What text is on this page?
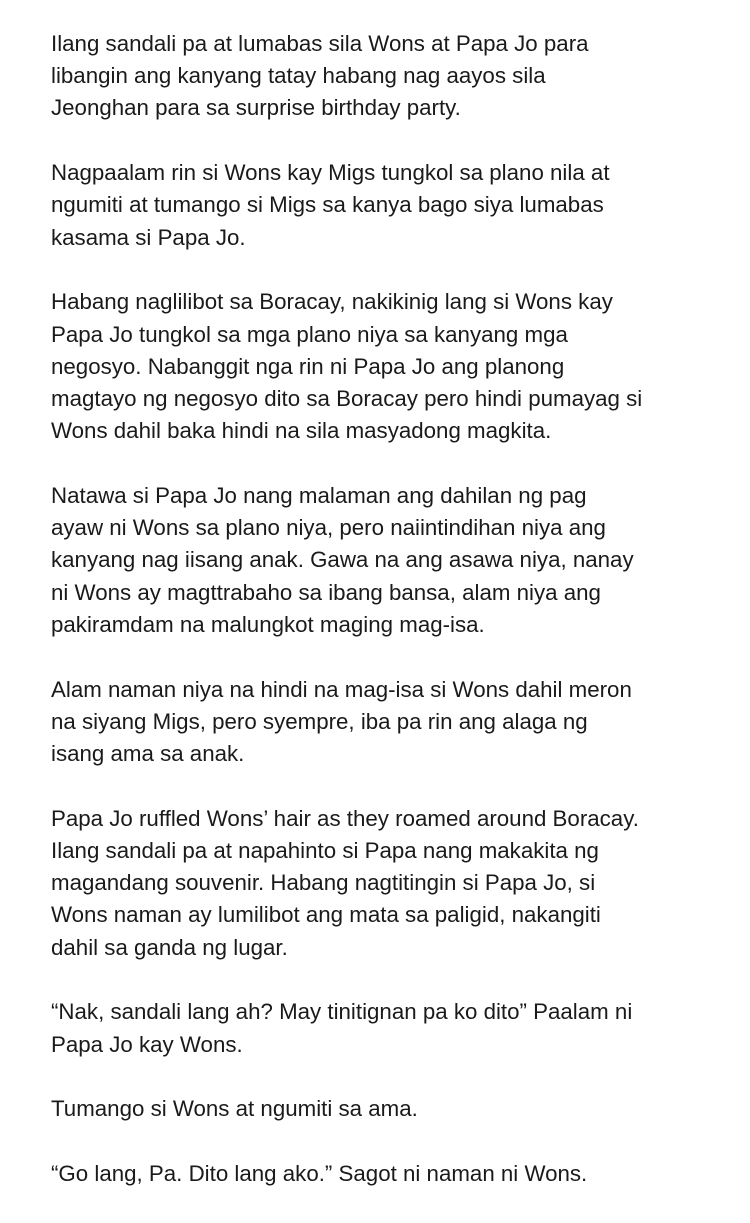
Ilang sandali pa at lumabas sila Wons at Papa Jo para
libangin ang kanyang tatay habang nag aayos sila
Jeonghan para sa surprise birthday party.

Nagpaalam rin si Wons kay Migs tungkol sa plano nila at
ngumiti at tumango si Migs sa kanya bago siya lumabas
kasama si Papa Jo.

Habang naglilibot sa Boracay, nakikinig lang si Wons kay
Papa Jo tungkol sa mga plano niya sa kanyang mga
negosyo. Nabanggit nga rin ni Papa Jo ang planong
magtayo ng negosyo dito sa Boracay pero hindi pumayag si
Wons dahil baka hindi na sila masyadong magkita.

Natawa si Papa Jo nang malaman ang dahilan ng pag
ayaw ni Wons sa plano niya, pero naiintindihan niya ang
kanyang nag iisang anak. Gawa na ang asawa niya, nanay
ni Wons ay magttrabaho sa ibang bansa, alam niya ang
pakiramdam na malungkot maging mag-isa.

Alam naman niya na hindi na mag-isa si Wons dahil meron
na siyang Migs, pero syempre, iba pa rin ang alaga ng
isang ama sa anak.

Papa Jo ruffled Wons’ hair as they roamed around Boracay.
Ilang sandali pa at napahinto si Papa nang makakita ng
magandang souvenir. Habang nagtitingin si Papa Jo, si
Wons naman ay lumilibot ang mata sa paligid, nakangiti
dahil sa ganda ng lugar.

“Nak, sandali lang ah? May tinitignan pa ko dito” Paalam ni
Papa Jo kay Wons.

Tumango si Wons at ngumiti sa ama.

“Go lang, Pa. Dito lang ako.” Sagot ni naman ni Wons.
